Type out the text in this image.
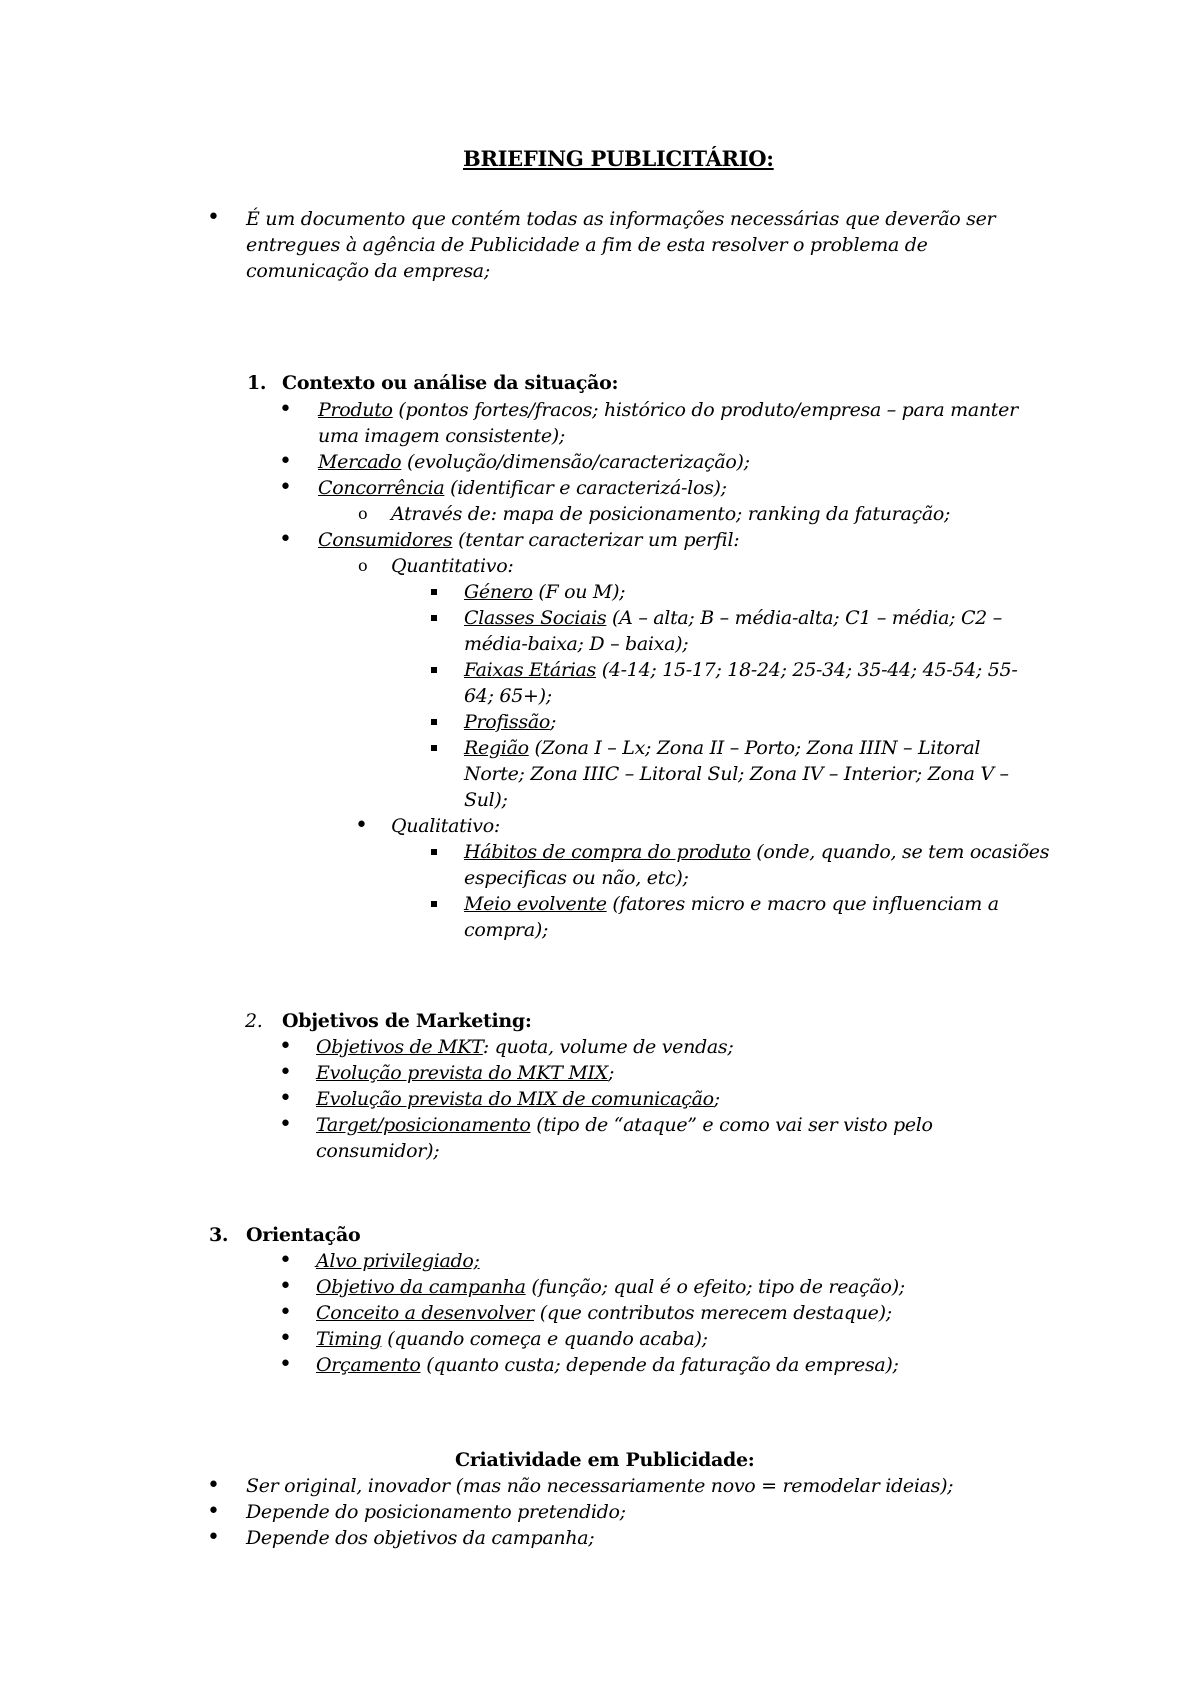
BRIEFING PUBLICITÁRIO:
• É um documento que contém todas as informações necessárias que deverão ser
entregues à agência de Publicidade a fim de esta resolver o problema de
comunicação da empresa;
1. Contexto ou análise da situação:
• Produto (pontos fortes/fracos; histórico do produto/empresa – para manter
uma imagem consistente);
• Mercado (evolução/dimensão/caracterização);
• Concorrência (identificar e caracterizá-los);
o Através de: mapa de posicionamento; ranking da faturação;
• Consumidores (tentar caracterizar um perfil:
o Quantitativo:
Género (F ou M);
Classes Sociais (A – alta; B – média-alta; C1 – média; C2 –
média-baixa; D – baixa);
Faixas Etárias (4-14; 15-17; 18-24; 25-34; 35-44; 45-54; 55-
64; 65+);
Profissão;
Região (Zona I – Lx; Zona II – Porto; Zona IIIN – Litoral
Norte; Zona IIIC – Litoral Sul; Zona IV – Interior; Zona V –
Sul);
• Qualitativo:
Hábitos de compra do produto (onde, quando, se tem ocasiões
especificas ou não, etc);
Meio evolvente (fatores micro e macro que influenciam a
compra);
2. Objetivos de Marketing:
• Objetivos de MKT: quota, volume de vendas;
• Evolução prevista do MKT MIX;
• Evolução prevista do MIX de comunicação;
• Target/posicionamento (tipo de “ataque” e como vai ser visto pelo
consumidor);
3. Orientação
• Alvo privilegiado;
• Objetivo da campanha (função; qual é o efeito; tipo de reação);
• Conceito a desenvolver (que contributos merecem destaque);
• Timing (quando começa e quando acaba);
• Orçamento (quanto custa; depende da faturação da empresa);
Criatividade em Publicidade:
• Ser original, inovador (mas não necessariamente novo = remodelar ideias);
• Depende do posicionamento pretendido;
• Depende dos objetivos da campanha;
